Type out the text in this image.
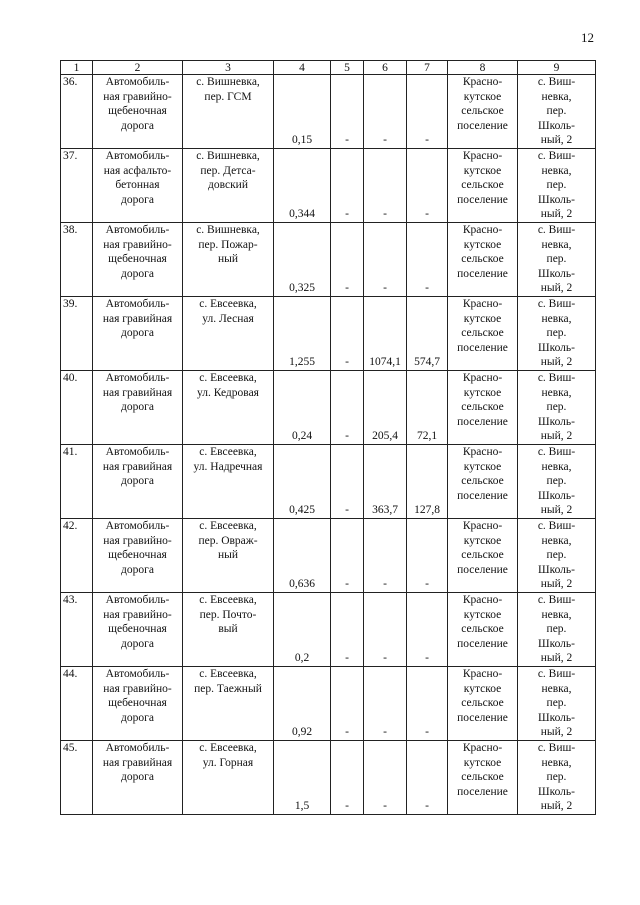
12
1	2	3	4	5	6	7	8	9
36.	Автомобиль-
ная гравийно-
щебеночная
дорога	с. Вишневка,
пер. ГСМ	0,15	-	-	-	Красно-
кутское
сельское
поселение	с. Виш-
невка,
пер.
Школь-
ный, 2
37.	Автомобиль-
ная асфальто-
бетонная
дорога	с. Вишневка,
пер. Детса-
довский	0,344	-	-	-	Красно-
кутское
сельское
поселение	с. Виш-
невка,
пер.
Школь-
ный, 2
38.	Автомобиль-
ная гравийно-
щебеночная
дорога	с. Вишневка,
пер. Пожар-
ный	0,325	-	-	-	Красно-
кутское
сельское
поселение	с. Виш-
невка,
пер.
Школь-
ный, 2
39.	Автомобиль-
ная гравийная
дорога	с. Евсеевка,
ул. Лесная	1,255	-	1074,1	574,7	Красно-
кутское
сельское
поселение	с. Виш-
невка,
пер.
Школь-
ный, 2
40.	Автомобиль-
ная гравийная
дорога	с. Евсеевка,
ул. Кедровая	0,24	-	205,4	72,1	Красно-
кутское
сельское
поселение	с. Виш-
невка,
пер.
Школь-
ный, 2
41.	Автомобиль-
ная гравийная
дорога	с. Евсеевка,
ул. Надречная	0,425	-	363,7	127,8	Красно-
кутское
сельское
поселение	с. Виш-
невка,
пер.
Школь-
ный, 2
42.	Автомобиль-
ная гравийно-
щебеночная
дорога	с. Евсеевка,
пер. Овраж-
ный	0,636	-	-	-	Красно-
кутское
сельское
поселение	с. Виш-
невка,
пер.
Школь-
ный, 2
43.	Автомобиль-
ная гравийно-
щебеночная
дорога	с. Евсеевка,
пер. Почто-
вый	0,2	-	-	-	Красно-
кутское
сельское
поселение	с. Виш-
невка,
пер.
Школь-
ный, 2
44.	Автомобиль-
ная гравийно-
щебеночная
дорога	с. Евсеевка,
пер. Таежный	0,92	-	-	-	Красно-
кутское
сельское
поселение	с. Виш-
невка,
пер.
Школь-
ный, 2
45.	Автомобиль-
ная гравийная
дорога	с. Евсеевка,
ул. Горная	1,5	-	-	-	Красно-
кутское
сельское
поселение	с. Виш-
невка,
пер.
Школь-
ный, 2
